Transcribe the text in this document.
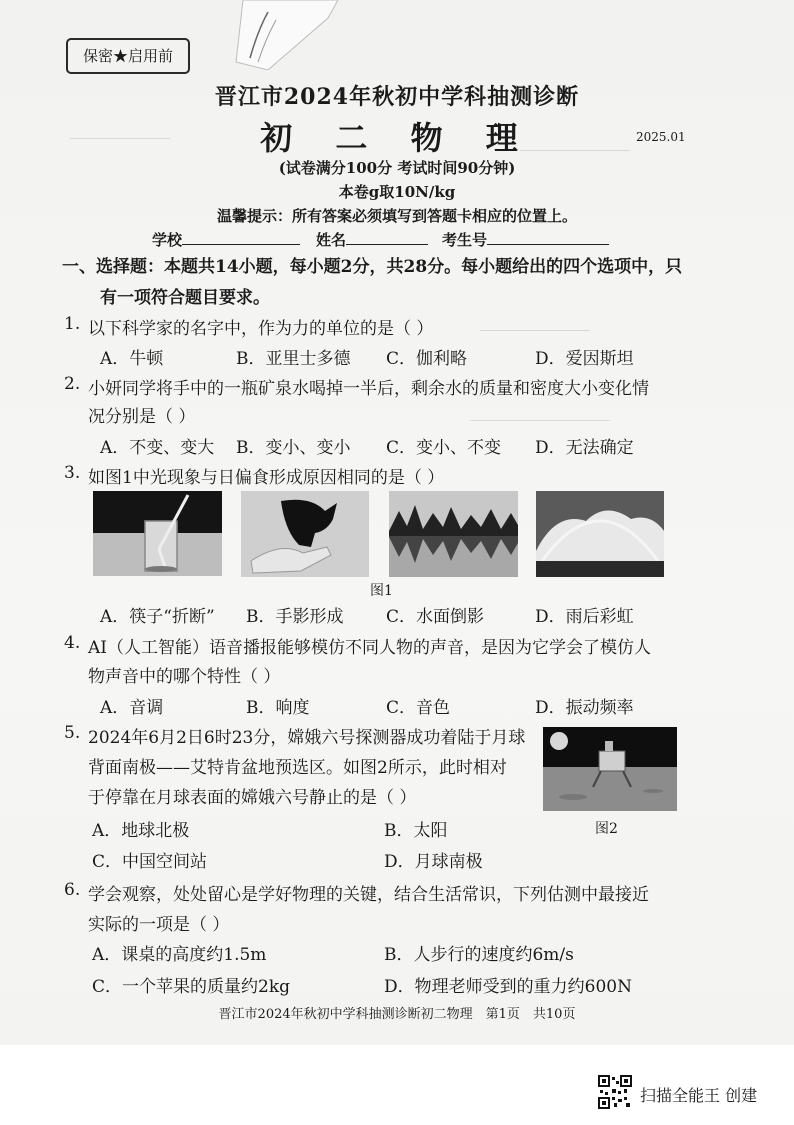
保密★启用前
晋江市2024年秋初中学科抽测诊断
初 二 物 理	2025.01
(试卷满分100分 考试时间90分钟)
本卷g取10N/kg
温馨提示：所有答案必须填写到答题卡相应的位置上。
学校	姓名	考生号
一、选择题：本题共14小题，每小题2分，共28分。每小题给出的四个选项中，只
有一项符合题目要求。
1. 以下科学家的名字中，作为力的单位的是（ ）
A．牛顿	B．亚里士多德 C．伽利略	D．爱因斯坦
2. 小妍同学将手中的一瓶矿泉水喝掉一半后，剩余水的质量和密度大小变化情
况分别是（ ）
A．不变、变大 B．变小、变小 C．变小、不变 D．无法确定
3. 如图1中光现象与日偏食形成原因相同的是（ ）
图1
A．筷子“折断” B．手影形成	C．水面倒影	D．雨后彩虹
4. AI（人工智能）语音播报能够模仿不同人物的声音，是因为它学会了模仿人
物声音中的哪个特性（ ）
A．音调	B．响度	C．音色	D．振动频率
5. 2024年6月2日6时23分，嫦娥六号探测器成功着陆于月球
背面南极——艾特肯盆地预选区。如图2所示，此时相对
于停靠在月球表面的嫦娥六号静止的是（ ）
图2
A．地球北极	B．太阳
C．中国空间站	D．月球南极
6. 学会观察，处处留心是学好物理的关键，结合生活常识，下列估测中最接近
实际的一项是（ ）
A．课桌的高度约1.5m	B．人步行的速度约6m/s
C．一个苹果的质量约2kg	D．物理老师受到的重力约600N
晋江市2024年秋初中学科抽测诊断初二物理　第1页　共10页
扫描全能王 创建
